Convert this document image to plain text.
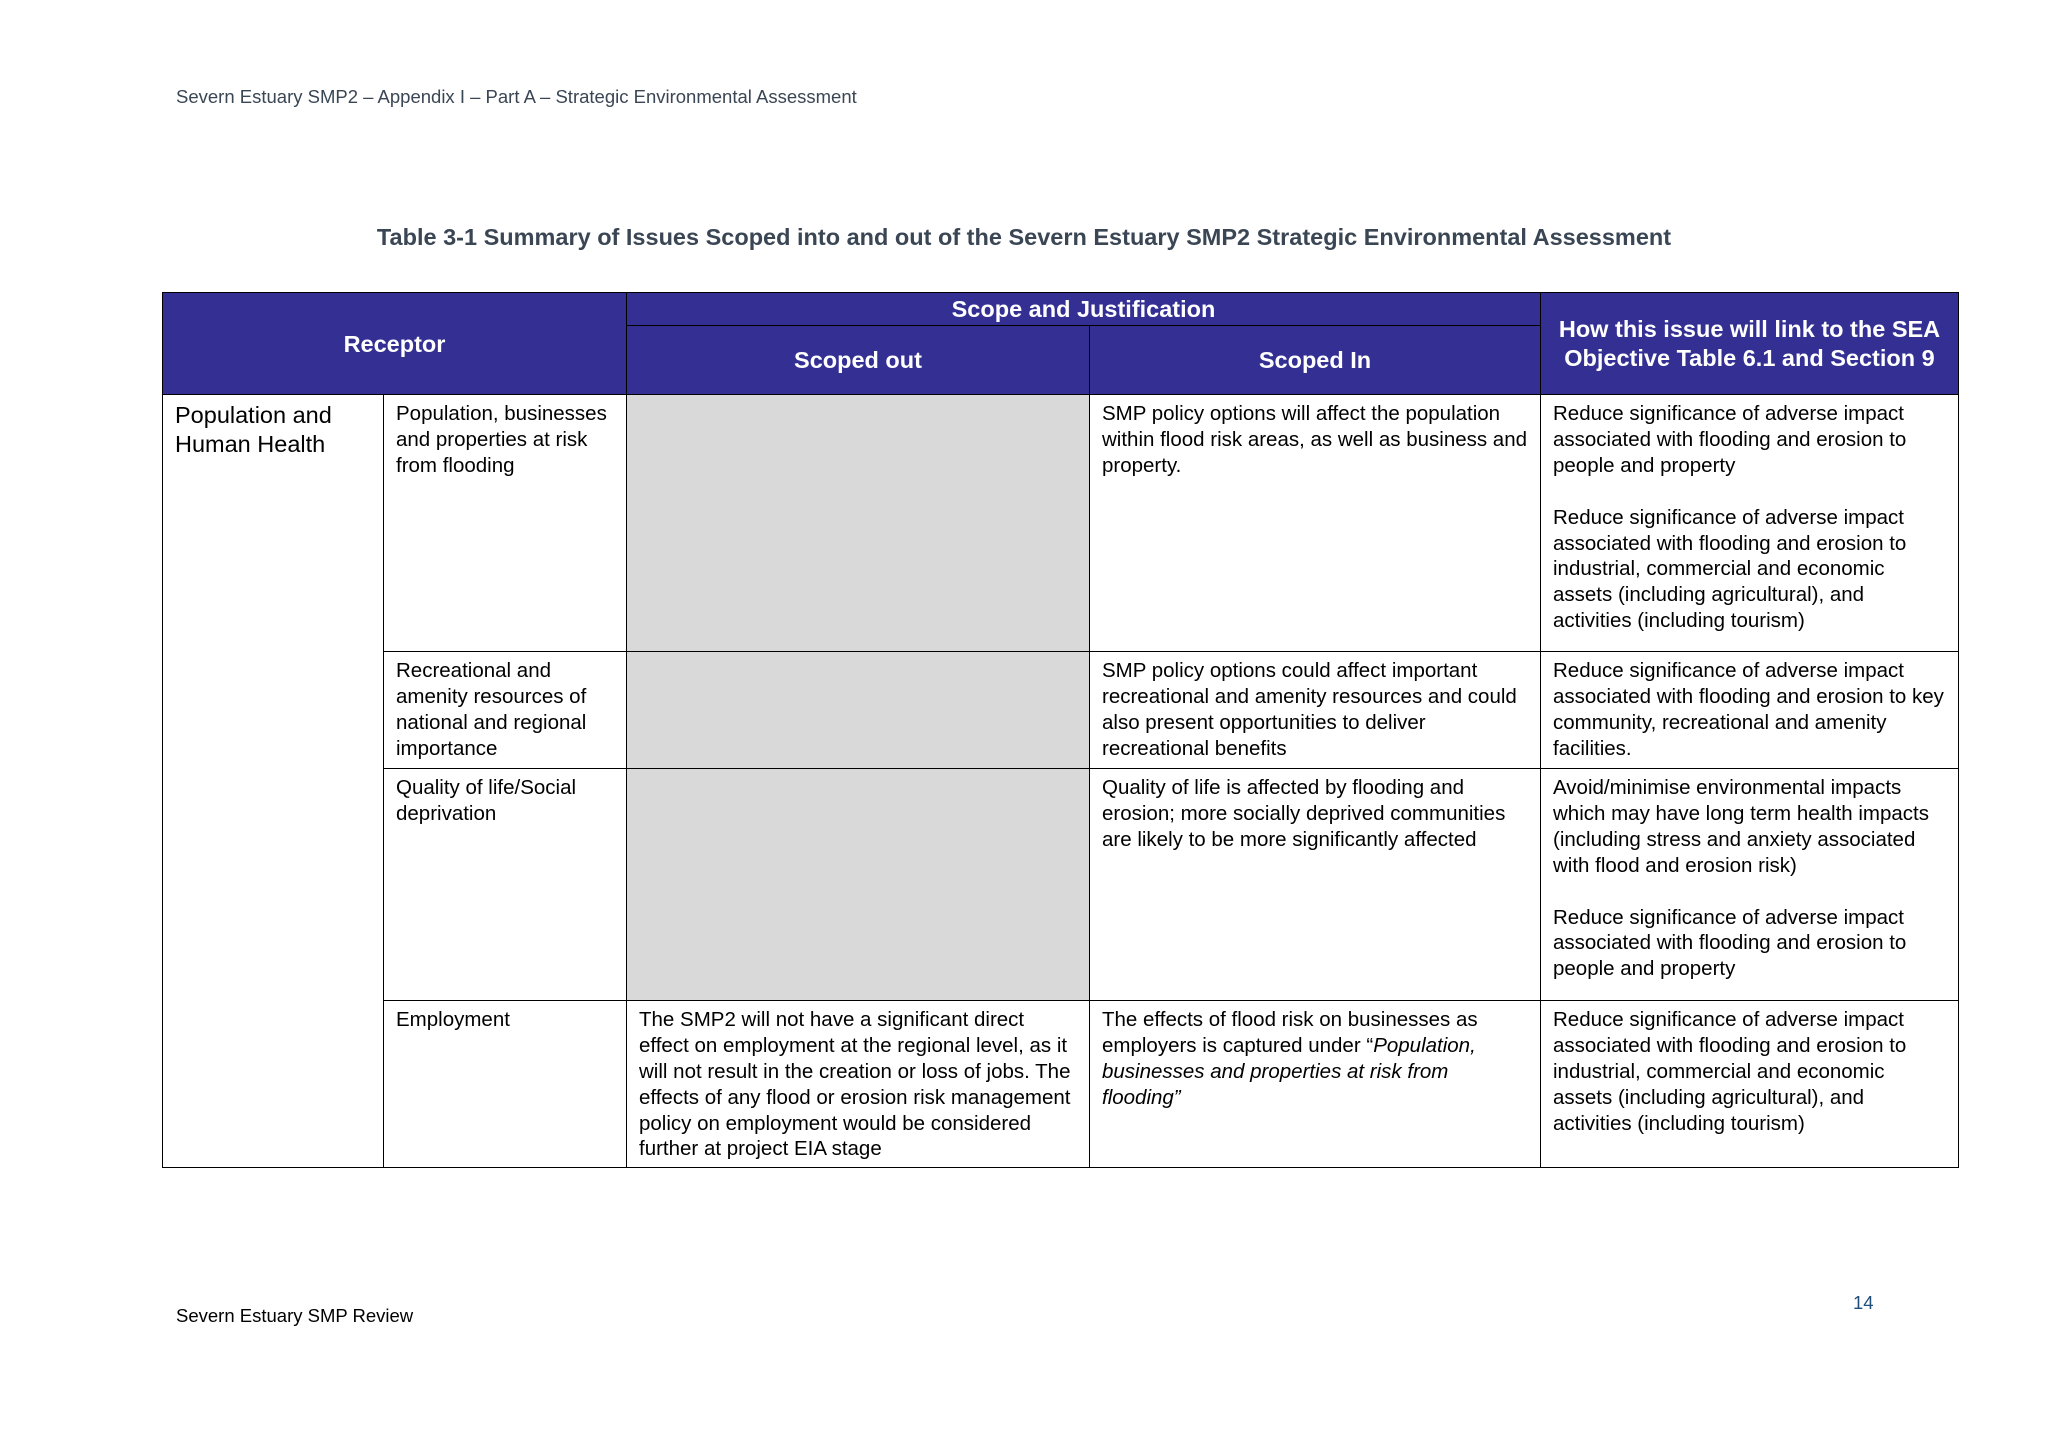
Severn Estuary SMP2 – Appendix I – Part A – Strategic Environmental Assessment
Table 3-1 Summary of Issues Scoped into and out of the Severn Estuary SMP2 Strategic Environmental Assessment
Receptor		Scope and Justification		How this issue will link to the SEA Objective Table 6.1 and Section 9
		Scoped out	Scoped In	
Population and Human Health	Population, businesses and properties at risk from flooding		SMP policy options will affect the population within flood risk areas, as well as business and property.	Reduce significance of adverse impact associated with flooding and erosion to people and property
Reduce significance of adverse impact associated with flooding and erosion to industrial, commercial and economic assets (including agricultural), and activities (including tourism)

	Recreational and amenity resources of national and regional importance		SMP policy options could affect important recreational and amenity resources and could also present opportunities to deliver recreational benefits	Reduce significance of adverse impact associated with flooding and erosion to key community, recreational and amenity facilities.

	Quality of life/Social deprivation		Quality of life is affected by flooding and erosion; more socially deprived communities are likely to be more significantly affected	Avoid/minimise environmental impacts which may have long term health impacts (including stress and anxiety associated with flood and erosion risk)
Reduce significance of adverse impact associated with flooding and erosion to people and property

	Employment	The SMP2 will not have a significant direct effect on employment at the regional level, as it will not result in the creation or loss of jobs. The effects of any flood or erosion risk management policy on employment would be considered further at project EIA stage	The effects of flood risk on businesses as employers is captured under “Population, businesses and properties at risk from flooding”	Reduce significance of adverse impact associated with flooding and erosion to industrial, commercial and economic assets (including agricultural), and activities (including tourism)
Severn Estuary SMP Review
14
